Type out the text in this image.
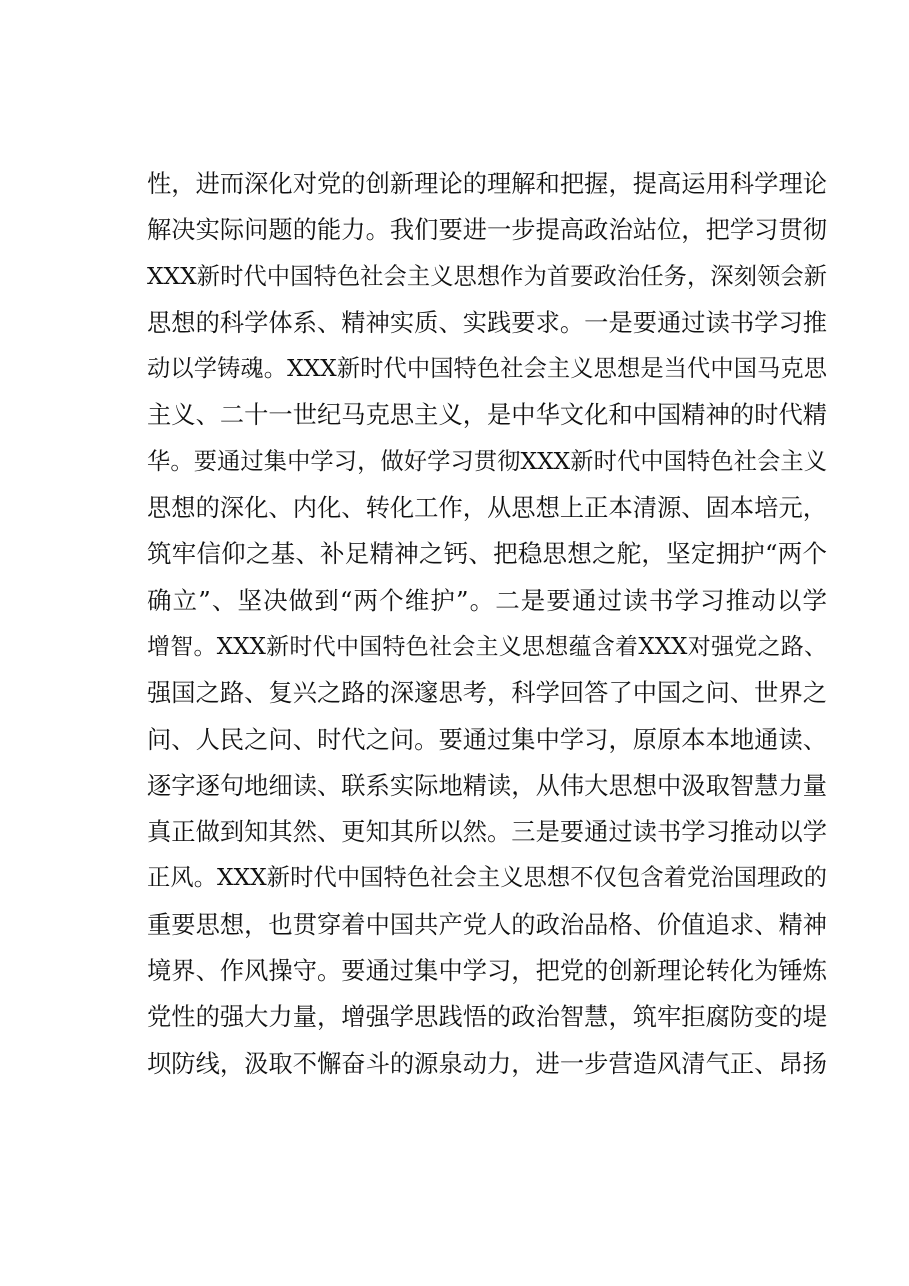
性，进而深化对党的创新理论的理解和把握，提高运用科学理论
解决实际问题的能力。我们要进一步提高政治站位，把学习贯彻
XXX新时代中国特色社会主义思想作为首要政治任务，深刻领会新
思想的科学体系、精神实质、实践要求。一是要通过读书学习推
动以学铸魂。XXX新时代中国特色社会主义思想是当代中国马克思
主义、二十一世纪马克思主义，是中华文化和中国精神的时代精
华。要通过集中学习，做好学习贯彻XXX新时代中国特色社会主义
思想的深化、内化、转化工作，从思想上正本清源、固本培元，
筑牢信仰之基、补足精神之钙、把稳思想之舵，坚定拥护“两个
确立”、坚决做到“两个维护”。二是要通过读书学习推动以学
增智。XXX新时代中国特色社会主义思想蕴含着XXX对强党之路、
强国之路、复兴之路的深邃思考，科学回答了中国之问、世界之
问、人民之问、时代之问。要通过集中学习，原原本本地通读、
逐字逐句地细读、联系实际地精读，从伟大思想中汲取智慧力量
真正做到知其然、更知其所以然。三是要通过读书学习推动以学
正风。XXX新时代中国特色社会主义思想不仅包含着党治国理政的
重要思想，也贯穿着中国共产党人的政治品格、价值追求、精神
境界、作风操守。要通过集中学习，把党的创新理论转化为锤炼
党性的强大力量，增强学思践悟的政治智慧，筑牢拒腐防变的堤
坝防线，汲取不懈奋斗的源泉动力，进一步营造风清气正、昂扬
